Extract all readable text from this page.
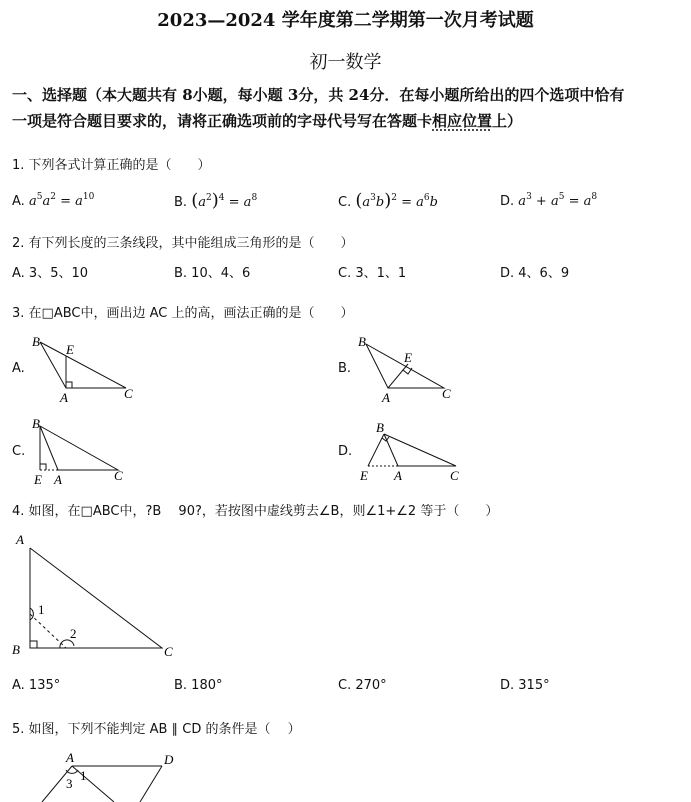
2023—2024 学年度第二学期第一次月考试题
初一数学
一、选择题（本大题共有 8小题，每小题 3分，共 24分．在每小题所给出的四个选项中恰有
一项是符合题目要求的，请将正确选项前的字母代号写在答题卡相应位置上）
1. 下列各式计算正确的是（　　）
A. $a^5a^2 = a^{10}$	B. $(a^2)^4 = a^8$	C. $(a^3b)^2 = a^6b$	D. $a^3 + a^5 = a^8$
2. 有下列长度的三条线段，其中能组成三角形的是（　　）
A. 3、5、10	B. 10、4、6	C. 3、1、1	D. 4、6、9
3. 在□ABC中，画出边 AC 上的高，画法正确的是（　　）
A.
B
E
A	C
B.
B
E
A	C
C.
B
E A	C
D.
B
E A	C
4. 如图，在□ABC中，?B　 90?，若按图中虚线剪去∠B，则∠1+∠2 等于（　　）
A
1
2
B	C
A. 135°	B. 180°	C. 270°	D. 315°
5. 如图，下列不能判定 AB ∥ CD 的条件是（　 ）
A
1
3
D
